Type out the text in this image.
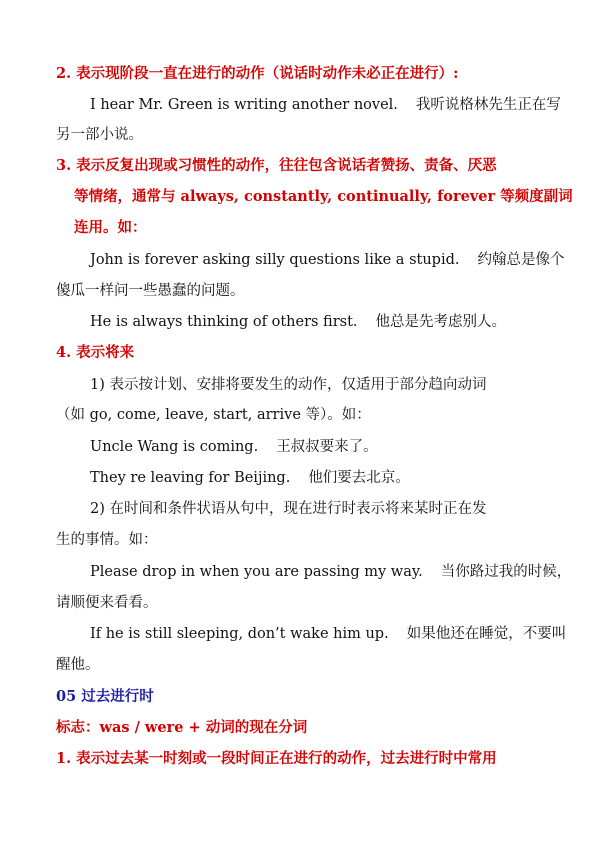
2. 表示现阶段一直在进行的动作（说话时动作未必正在进行）:
I hear Mr. Green is writing another novel. 我听说格林先生正在写
另一部小说。
3. 表示反复出现或习惯性的动作，往往包含说话者赞扬、责备、厌恶
等情绪，通常与 always, constantly, continually, forever 等频度副词
连用。如：
John is forever asking silly questions like a stupid. 约翰总是像个
傻瓜一样问一些愚蠢的问题。
He is always thinking of others first. 他总是先考虑别人。
4. 表示将来
1) 表示按计划、安排将要发生的动作，仅适用于部分趋向动词
（如 go, come, leave, start, arrive 等）。如：
Uncle Wang is coming. 王叔叔要来了。
They re leaving for Beijing. 他们要去北京。
2) 在时间和条件状语从句中，现在进行时表示将来某时正在发
生的事情。如：
Please drop in when you are passing my way. 当你路过我的时候，
请顺便来看看。
If he is still sleeping, don’t wake him up. 如果他还在睡觉，不要叫
醒他。
05 过去进行时
标志：was / were + 动词的现在分词
1. 表示过去某一时刻或一段时间正在进行的动作，过去进行时中常用
